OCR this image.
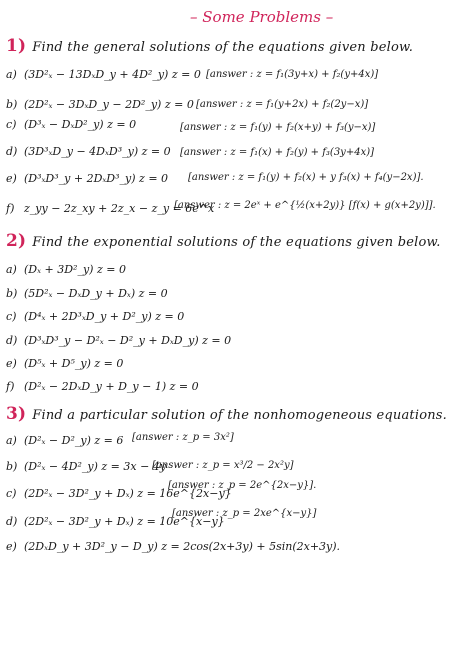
– Some Problems –
1) Find the general solutions of the equations given below.
a) (3D²ₓ − 13DₓD_y + 4D²_y) z = 0 [answer : z = f₁(3y+x) + f₂(y+4x)]
b) (2D²ₓ − 3DₓD_y − 2D²_y) z = 0 [answer : z = f₁(y+2x) + f₂(2y−x)]
c) (D³ₓ − DₓD²_y) z = 0	[answer : z = f₁(y) + f₂(x+y) + f₃(y−x)]
d) (3D³ₓD_y − 4DₓD³_y) z = 0 [answer : z = f₁(x) + f₂(y) + f₃(3y+4x)]
e) (D³ₓD³_y + 2DₓD³_y) z = 0 [answer : z = f₁(y) + f₂(x) + y f₃(x) + f₄(y−2x)].
f) z_yy − 2z_xy + 2z_x − z_y = 6e^x
[answer : z = 2eˣ + e^{½(x+2y)} [f(x) + g(x+2y)]].
2) Find the exponential solutions of the equations given below.
a) (Dₓ + 3D²_y) z = 0
b) (5D²ₓ − DₓD_y + Dₓ) z = 0
c) (D⁴ₓ + 2D³ₓD_y + D²_y) z = 0
d) (D³ₓD³_y − D²ₓ − D²_y + DₓD_y) z = 0
e) (D⁵ₓ + D⁵_y) z = 0
f) (D²ₓ − 2DₓD_y + D_y − 1) z = 0
3) Find a particular solution of the nonhomogeneous equations.
a) (D²ₓ − D²_y) z = 6 [answer : z_p = 3x²]
b) (D²ₓ − 4D²_y) z = 3x − 4y
[answer : z_p = x³/2 − 2x²y]
c) (2D²ₓ − 3D²_y + Dₓ) z = 16e^{2x−y}
[answer : z_p = 2e^{2x−y}].
d) (2D²ₓ − 3D²_y + Dₓ) z = 10e^{x−y}
[answer : z_p = 2xe^{x−y}]
e) (2DₓD_y + 3D²_y − D_y) z = 2cos(2x+3y) + 5sin(2x+3y).
